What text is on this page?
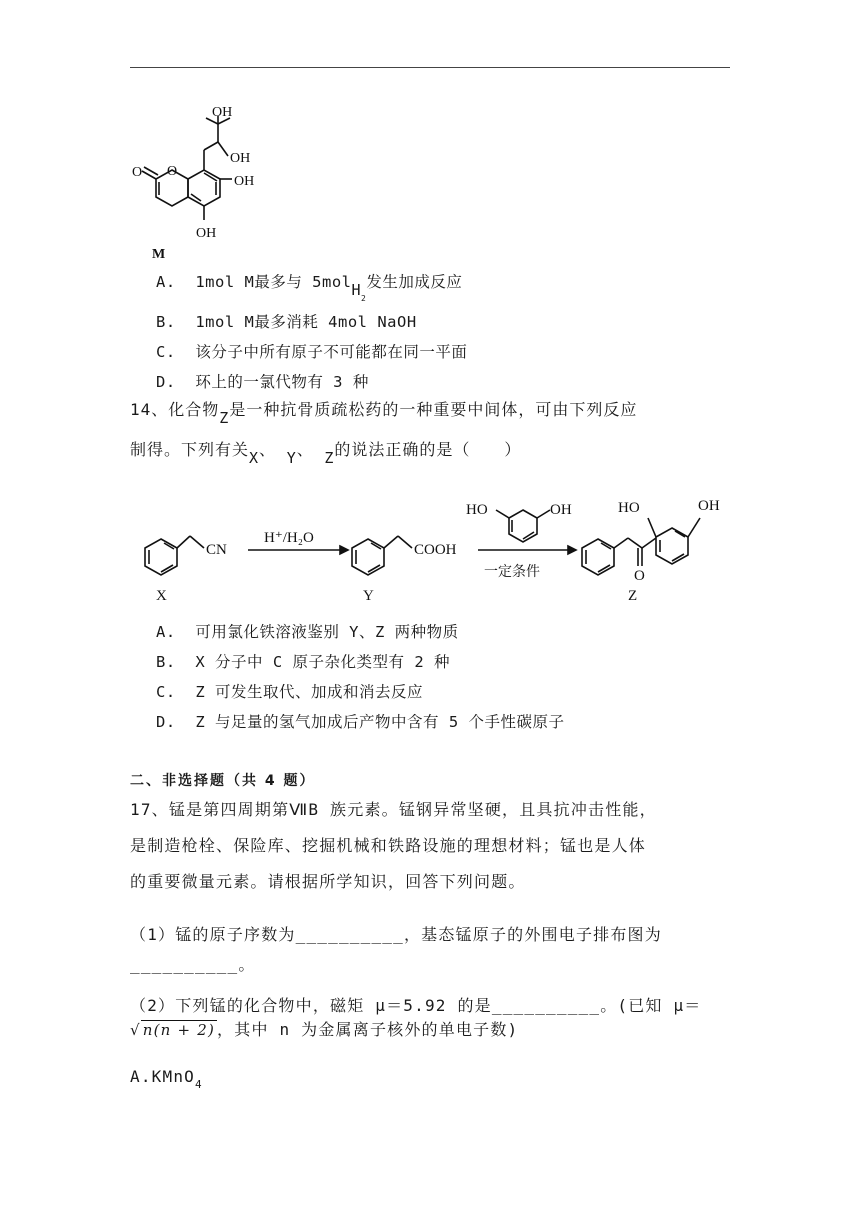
OH
OH
OH
OH
O
O
M
A. 1mol M最多与 5molH$_2$发生加成反应
B. 1mol M最多消耗 4mol NaOH
C. 该分子中所有原子不可能都在同一平面
D. 环上的一氯代物有 3 种
14、化合物Z是一种抗骨质疏松药的一种重要中间体，可由下列反应
制得。下列有关X、 Y、 Z的说法正确的是（　　）
CN
X
H⁺/H₂O
COOH
Y
HO	OH
一定条件
HO	OH
O
Z
A. 可用氯化铁溶液鉴别 Y、Z 两种物质
B. X 分子中 C 原子杂化类型有 2 种
C. Z 可发生取代、加成和消去反应
D. Z 与足量的氢气加成后产物中含有 5 个手性碳原子
二、非选择题（共 4 题）
17、锰是第四周期第ⅦB 族元素。锰钢异常坚硬，且具抗冲击性能，
是制造枪栓、保险库、挖掘机械和铁路设施的理想材料；锰也是人体
的重要微量元素。请根据所学知识，回答下列问题。
（1）锰的原子序数为__________，基态锰原子的外围电子排布图为
__________。
（2）下列锰的化合物中，磁矩 μ＝5.92 的是__________。(已知 μ＝
√ n(n + 2) ，其中 n 为金属离子核外的单电子数)
A.KMnO$_4$
